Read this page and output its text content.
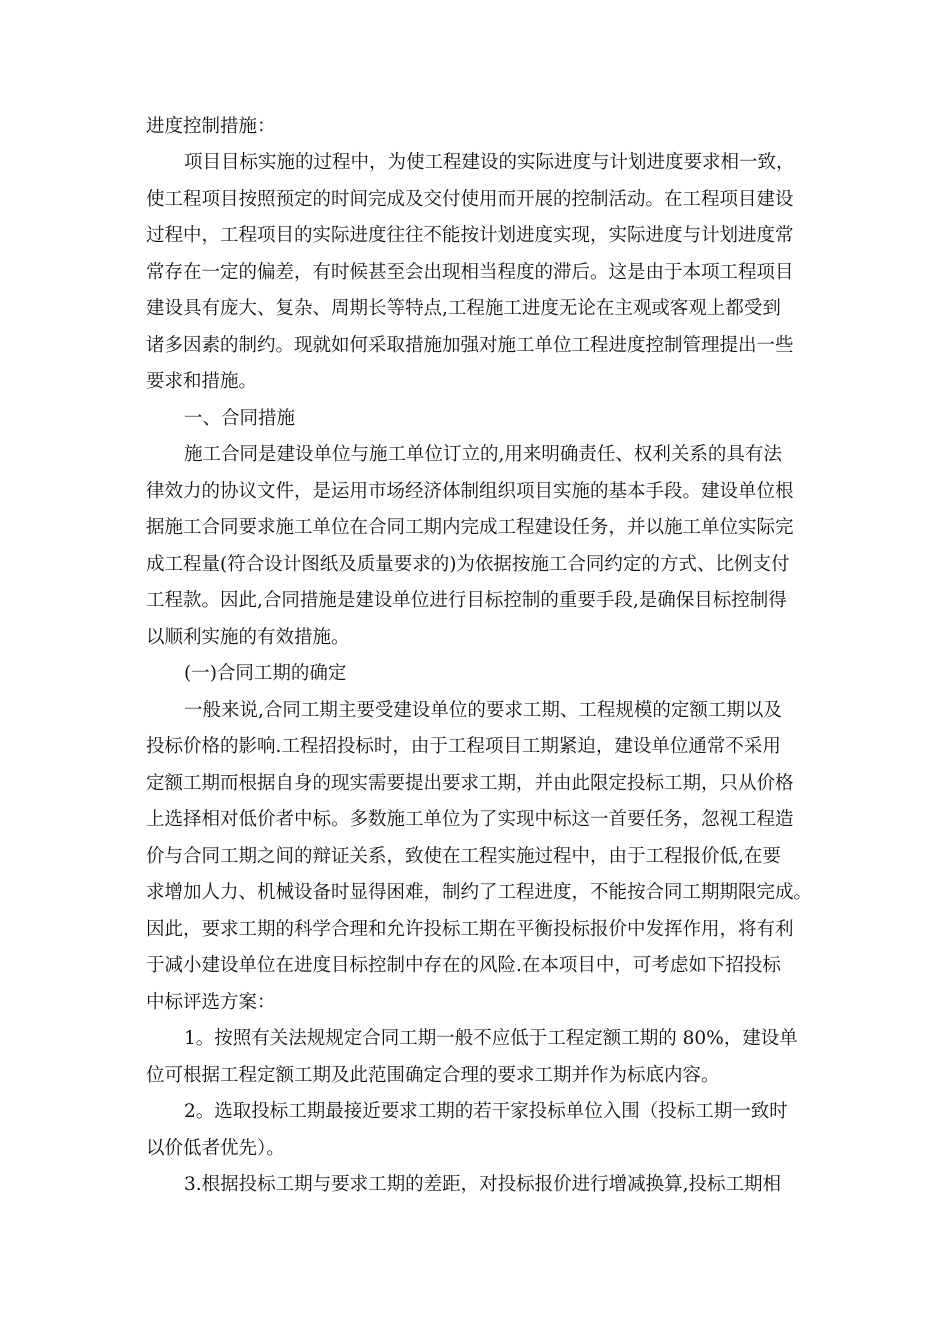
进度控制措施：
项目目标实施的过程中，为使工程建设的实际进度与计划进度要求相一致，
使工程项目按照预定的时间完成及交付使用而开展的控制活动。在工程项目建设
过程中，工程项目的实际进度往往不能按计划进度实现，实际进度与计划进度常
常存在一定的偏差，有时候甚至会出现相当程度的滞后。这是由于本项工程项目
建设具有庞大、复杂、周期长等特点,工程施工进度无论在主观或客观上都受到
诸多因素的制约。现就如何采取措施加强对施工单位工程进度控制管理提出一些
要求和措施。
一、合同措施
施工合同是建设单位与施工单位订立的,用来明确责任、权利关系的具有法
律效力的协议文件，是运用市场经济体制组织项目实施的基本手段。建设单位根
据施工合同要求施工单位在合同工期内完成工程建设任务，并以施工单位实际完
成工程量(符合设计图纸及质量要求的)为依据按施工合同约定的方式、比例支付
工程款。因此,合同措施是建设单位进行目标控制的重要手段,是确保目标控制得
以顺利实施的有效措施。
(一)合同工期的确定
一般来说,合同工期主要受建设单位的要求工期、工程规模的定额工期以及
投标价格的影响.工程招投标时，由于工程项目工期紧迫，建设单位通常不采用
定额工期而根据自身的现实需要提出要求工期，并由此限定投标工期，只从价格
上选择相对低价者中标。多数施工单位为了实现中标这一首要任务，忽视工程造
价与合同工期之间的辩证关系，致使在工程实施过程中，由于工程报价低,在要
求增加人力、机械设备时显得困难，制约了工程进度，不能按合同工期期限完成。
因此，要求工期的科学合理和允许投标工期在平衡投标报价中发挥作用，将有利
于减小建设单位在进度目标控制中存在的风险.在本项目中，可考虑如下招投标
中标评选方案：
1。按照有关法规规定合同工期一般不应低于工程定额工期的 80%，建设单
位可根据工程定额工期及此范围确定合理的要求工期并作为标底内容。
2。选取投标工期最接近要求工期的若干家投标单位入围（投标工期一致时
以价低者优先）。
3.根据投标工期与要求工期的差距，对投标报价进行增减换算,投标工期相
